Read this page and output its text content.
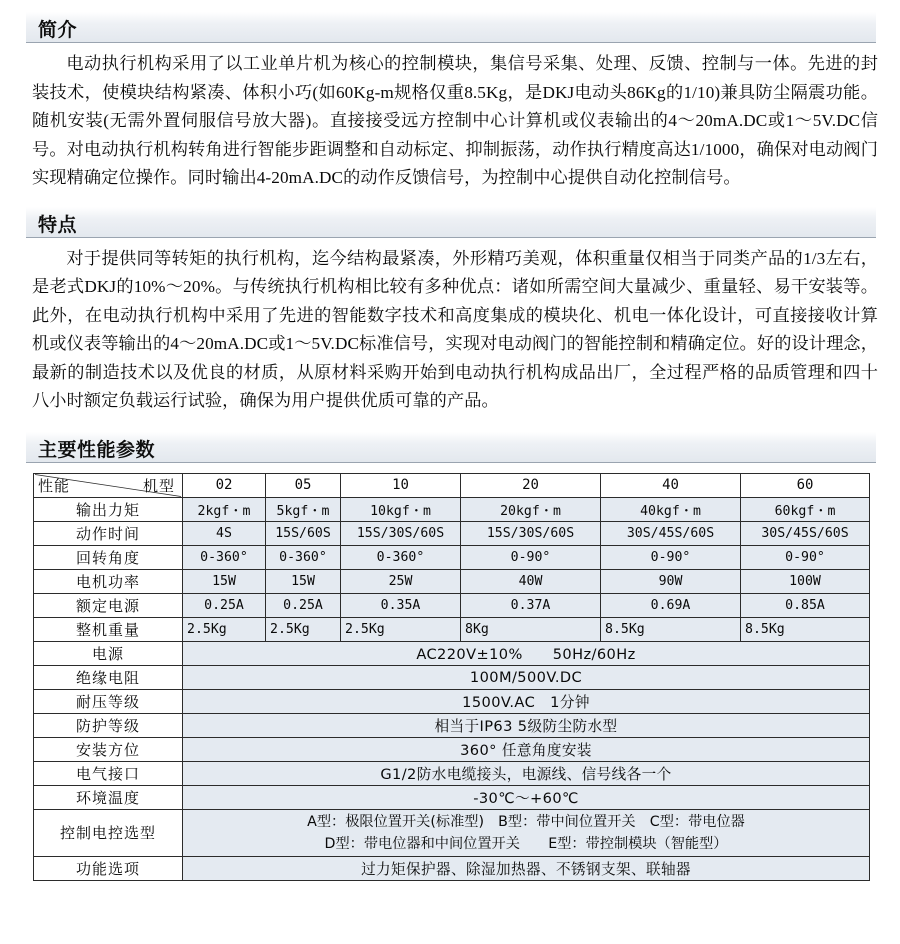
简介

电动执行机构采用了以工业单片机为核心的控制模块，集信号采集、处理、反馈、控制与一体。先进的封装技术，使模块结构紧凑、体积小巧(如60Kg-m规格仅重8.5Kg，是DKJ电动头86Kg的1/10)兼具防尘隔震功能。随机安装(无需外置伺服信号放大器)。直接接受远方控制中心计算机或仪表输出的4～20mA.DC或1～5V.DC信号。对电动执行机构转角进行智能步距调整和自动标定、抑制振荡，动作执行精度高达1/1000，确保对电动阀门实现精确定位操作。同时输出4-20mA.DC的动作反馈信号，为控制中心提供自动化控制信号。

特点

对于提供同等转矩的执行机构，迄今结构最紧凑，外形精巧美观，体积重量仅相当于同类产品的1/3左右，是老式DKJ的10%～20%。与传统执行机构相比较有多种优点：诸如所需空间大量减少、重量轻、易干安装等。此外，在电动执行机构中采用了先进的智能数字技术和高度集成的模块化、机电一体化设计，可直接接收计算机或仪表等输出的4～20mA.DC或1～5V.DC标准信号，实现对电动阀门的智能控制和精确定位。好的设计理念，最新的制造技术以及优良的材质，从原材料采购开始到电动执行机构成品出厂，全过程严格的品质管理和四十八小时额定负载运行试验，确保为用户提供优质可靠的产品。

主要性能参数
机型
性能	02	05	10	20	40	60
输出力矩	2kgf・m	5kgf・m	10kgf・m	20kgf・m	40kgf・m	60kgf・m
动作时间	4S	15S/60S	15S/30S/60S	15S/30S/60S	30S/45S/60S	30S/45S/60S
回转角度	0-360°	0-360°	0-360°	0-90°	0-90°	0-90°
电机功率	15W	15W	25W	40W	90W	100W
额定电源	0.25A	0.25A	0.35A	0.37A	0.69A	0.85A
整机重量	2.5Kg	2.5Kg	2.5Kg	8Kg	8.5Kg	8.5Kg
电源	AC220V±10%　　50Hz/60Hz					
绝缘电阻	100M/500V.DC					
耐压等级	1500V.AC　1分钟					
防护等级	相当于IP63 5级防尘防水型					
安装方位	360° 任意角度安装					
电气接口	G1/2防水电缆接头，电源线、信号线各一个					
环境温度	-30℃～+60℃					
控制电控选型	A型：极限位置开关(标准型)　B型：带中间位置开关　C型：带电位器
D型：带电位器和中间位置开关　　E型：带控制模块（智能型）					

功能选项	过力矩保护器、除湿加热器、不锈钢支架、联轴器					
